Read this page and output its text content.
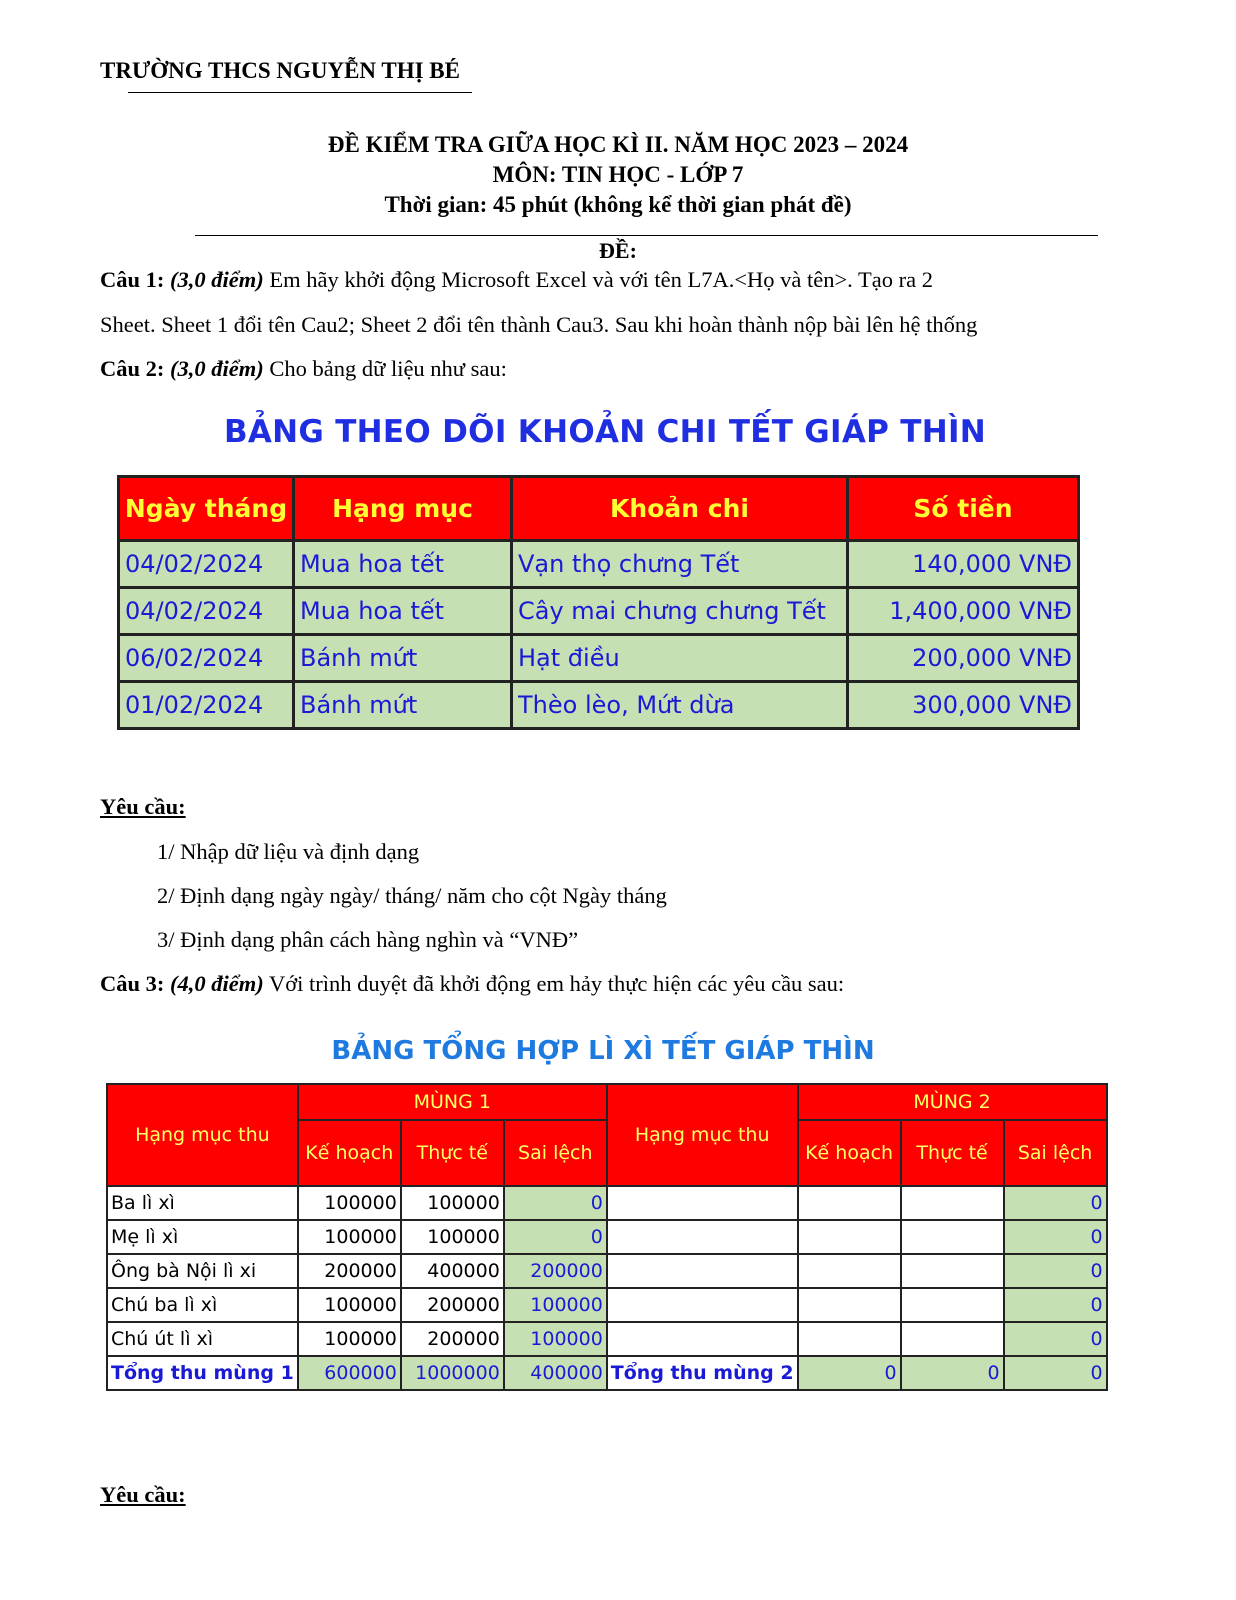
TRƯỜNG THCS NGUYỄN THỊ BÉ
ĐỀ KIỂM TRA GIỮA HỌC KÌ II. NĂM HỌC 2023 – 2024
MÔN: TIN HỌC - LỚP 7
Thời gian: 45 phút (không kể thời gian phát đề)
ĐỀ:
Câu 1: (3,0 điểm) Em hãy khởi động Microsoft Excel và với tên L7A.<Họ và tên>. Tạo ra 2
Sheet. Sheet 1 đổi tên Cau2; Sheet 2 đổi tên thành Cau3. Sau khi hoàn thành nộp bài lên hệ thống
Câu 2: (3,0 điểm) Cho bảng dữ liệu như sau:
BẢNG THEO DÕI KHOẢN CHI TẾT GIÁP THÌN
Ngày tháng	Hạng mục	Khoản chi	Số tiền
04/02/2024	Mua hoa tết	Vạn thọ chưng Tết	140,000 VNĐ
04/02/2024	Mua hoa tết	Cây mai chưng chưng Tết	1,400,000 VNĐ
06/02/2024	Bánh mứt	Hạt điều	200,000 VNĐ
01/02/2024	Bánh mứt	Thèo lèo, Mứt dừa	300,000 VNĐ
Yêu cầu:
1/ Nhập dữ liệu và định dạng
2/ Định dạng ngày ngày/ tháng/ năm cho cột Ngày tháng
3/ Định dạng phân cách hàng nghìn và “VNĐ”
Câu 3: (4,0 điểm) Với trình duyệt đã khởi động em hảy thực hiện các yêu cầu sau:
BẢNG TỔNG HỢP LÌ XÌ TẾT GIÁP THÌN
Hạng mục thu	MÙNG 1			Hạng mục thu	MÙNG 2		
	Kế hoạch	Thực tế	Sai lệch		Kế hoạch	Thực tế	Sai lệch
Ba lì xì	100000	100000	0				0
Mẹ lì xì	100000	100000	0				0
Ông bà Nội lì xi	200000	400000	200000				0
Chú ba lì xì	100000	200000	100000				0
Chú út lì xì	100000	200000	100000				0
Tổng thu mùng 1	600000	1000000	400000	Tổng thu mùng 2	0	0	0
Yêu cầu:
